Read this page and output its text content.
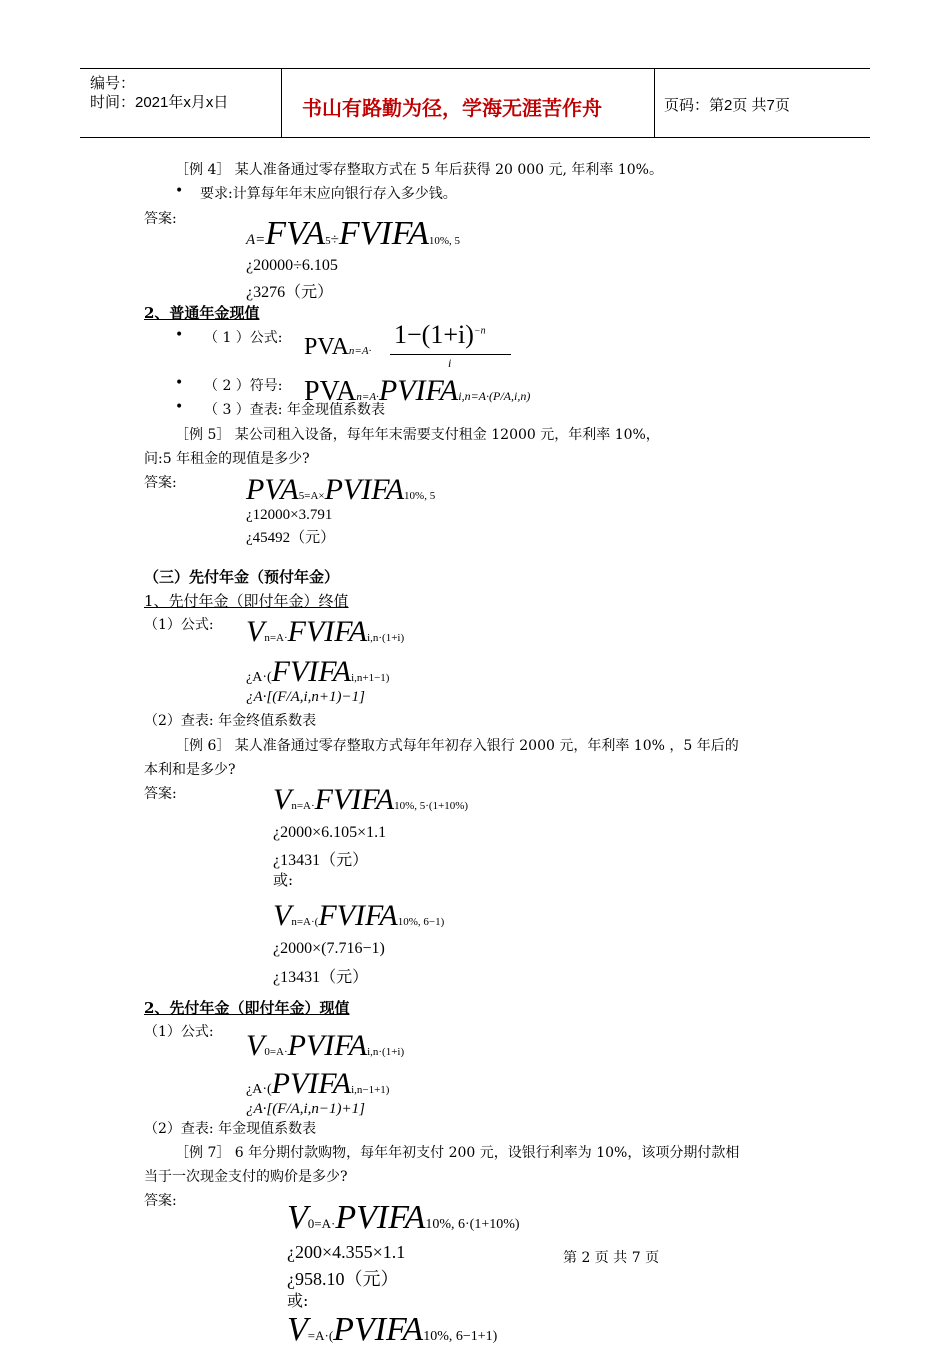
编号：
时间：2021年x月x日	书山有路勤为径，学海无涯苦作舟	页码：第2页 共7页
［例 4］ 某人准备通过零存整取方式在 5 年后获得 20 000 元, 年利率 10%。
• 要求:计算每年年末应向银行存入多少钱。
答案:
A=FVA5÷FVIFA10%, 5
¿20000÷6.105
¿3276（元）
2、普通年金现值
• （ 1 ）公式: PVAn=A·
$1-(1+i)^{-n}$
i
• （ 2 ）符号: PVAn=A·PVIFAi,n=A·(P/A,i,n)
• （ 3 ）查表: 年金现值系数表
［例 5］ 某公司租入设备，每年年末需要支付租金 12000 元，年利率 10%，
问:5 年租金的现值是多少?
答案: PVA5=A×PVIFA10%, 5
¿12000×3.791
¿45492（元）
（三）先付年金（预付年金）
1、先付年金（即付年金）终值
（1）公式: Vn=A·FVIFAi,n·(1+i)
¿A·(FVIFAi,n+1−1)
¿A·[(F/A,i,n+1)−1]
（2）查表: 年金终值系数表
［例 6］ 某人准备通过零存整取方式每年年初存入银行 2000 元，年利率 10% ，5 年后的
本利和是多少?
答案:	Vn=A·FVIFA10%, 5·(1+10%)
¿2000×6.105×1.1
¿13431（元）
或:
Vn=A·(FVIFA10%, 6−1)
¿2000×(7.716−1)
¿13431（元）
2、先付年金（即付年金）现值
（1）公式: V0=A·PVIFAi,n·(1+i)
¿A·(PVIFAi,n−1+1)
¿A·[(F/A,i,n−1)+1]
（2）查表: 年金现值系数表
［例 7］ 6 年分期付款购物，每年年初支付 200 元，设银行利率为 10%，该项分期付款相
当于一次现金支付的购价是多少?
答案:	V0=A·PVIFA10%, 6·(1+10%)
¿200×4.355×1.1
¿958.10（元）
或:
V=A·(PVIFA10%, 6−1+1)
第 2 页 共 7 页
